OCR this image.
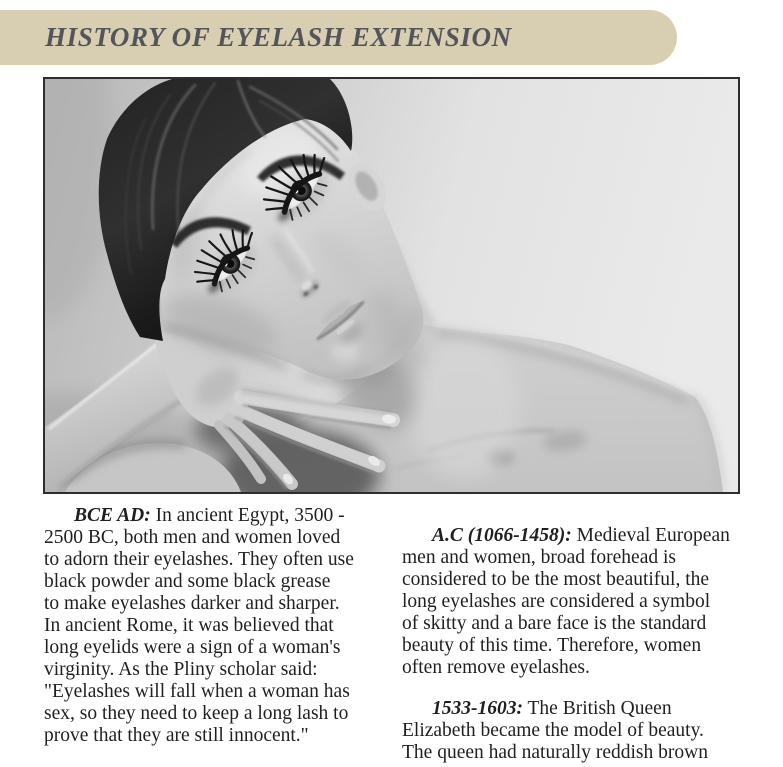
HISTORY OF EYELASH EXTENSION
BCE AD: In ancient Egypt, 3500 -
2500 BC, both men and women loved
to adorn their eyelashes. They often use
black powder and some black grease
to make eyelashes darker and sharper.
In ancient Rome, it was believed that
long eyelids were a sign of a woman's
virginity. As the Pliny scholar said:
"Eyelashes will fall when a woman has
sex, so they need to keep a long lash to
prove that they are still innocent."
A.C (1066-1458): Medieval European
men and women, broad forehead is
considered to be the most beautiful, the
long eyelashes are considered a symbol
of skitty and a bare face is the standard
beauty of this time. Therefore, women
often remove eyelashes.
1533-1603: The British Queen
Elizabeth became the model of beauty.
The queen had naturally reddish brown
